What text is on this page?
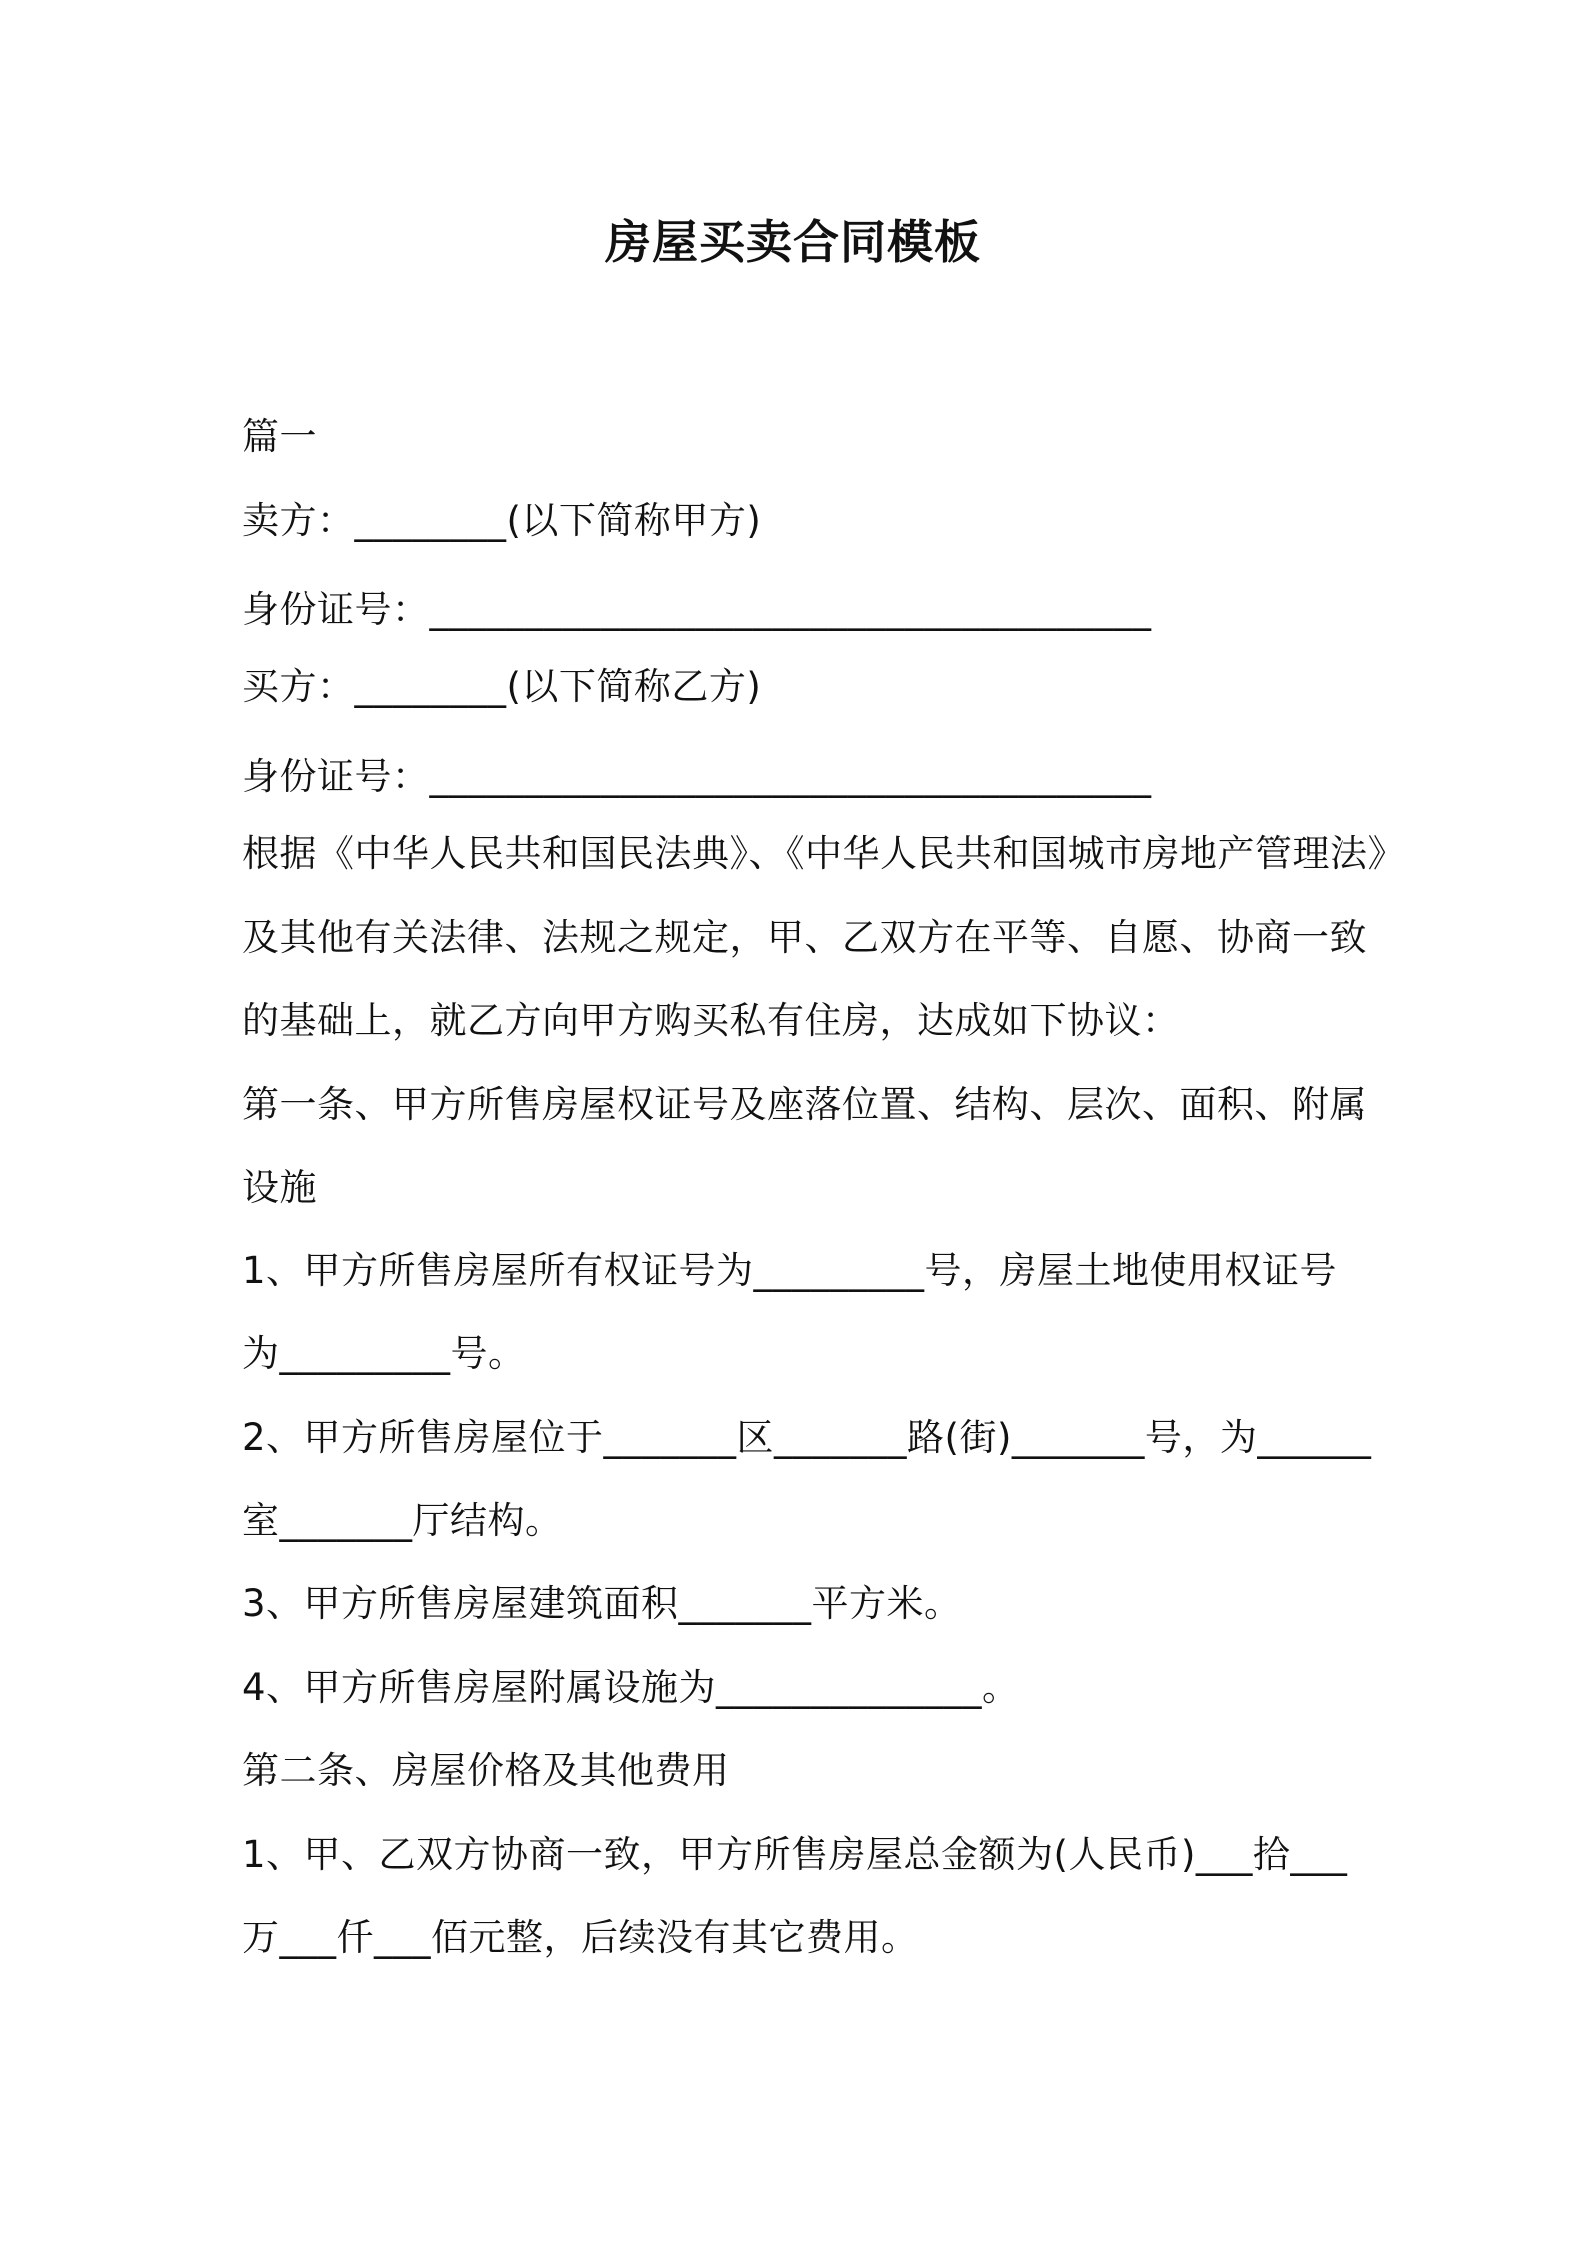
房屋买卖合同模板
篇一
卖方：________(以下简称甲方)
身份证号：______________________________________
买方：________(以下简称乙方)
身份证号：______________________________________
根据《中华人民共和国民法典》、《中华人民共和国城市房地产管理法》
及其他有关法律、法规之规定，甲、乙双方在平等、自愿、协商一致
的基础上，就乙方向甲方购买私有住房，达成如下协议：
第一条、甲方所售房屋权证号及座落位置、结构、层次、面积、附属
设施
1、甲方所售房屋所有权证号为_________号，房屋土地使用权证号
为_________号。
2、甲方所售房屋位于_______区_______路(街)_______号，为______
室_______厅结构。
3、甲方所售房屋建筑面积_______平方米。
4、甲方所售房屋附属设施为______________。
第二条、房屋价格及其他费用
1、甲、乙双方协商一致，甲方所售房屋总金额为(人民币)___拾___
万___仟___佰元整，后续没有其它费用。
